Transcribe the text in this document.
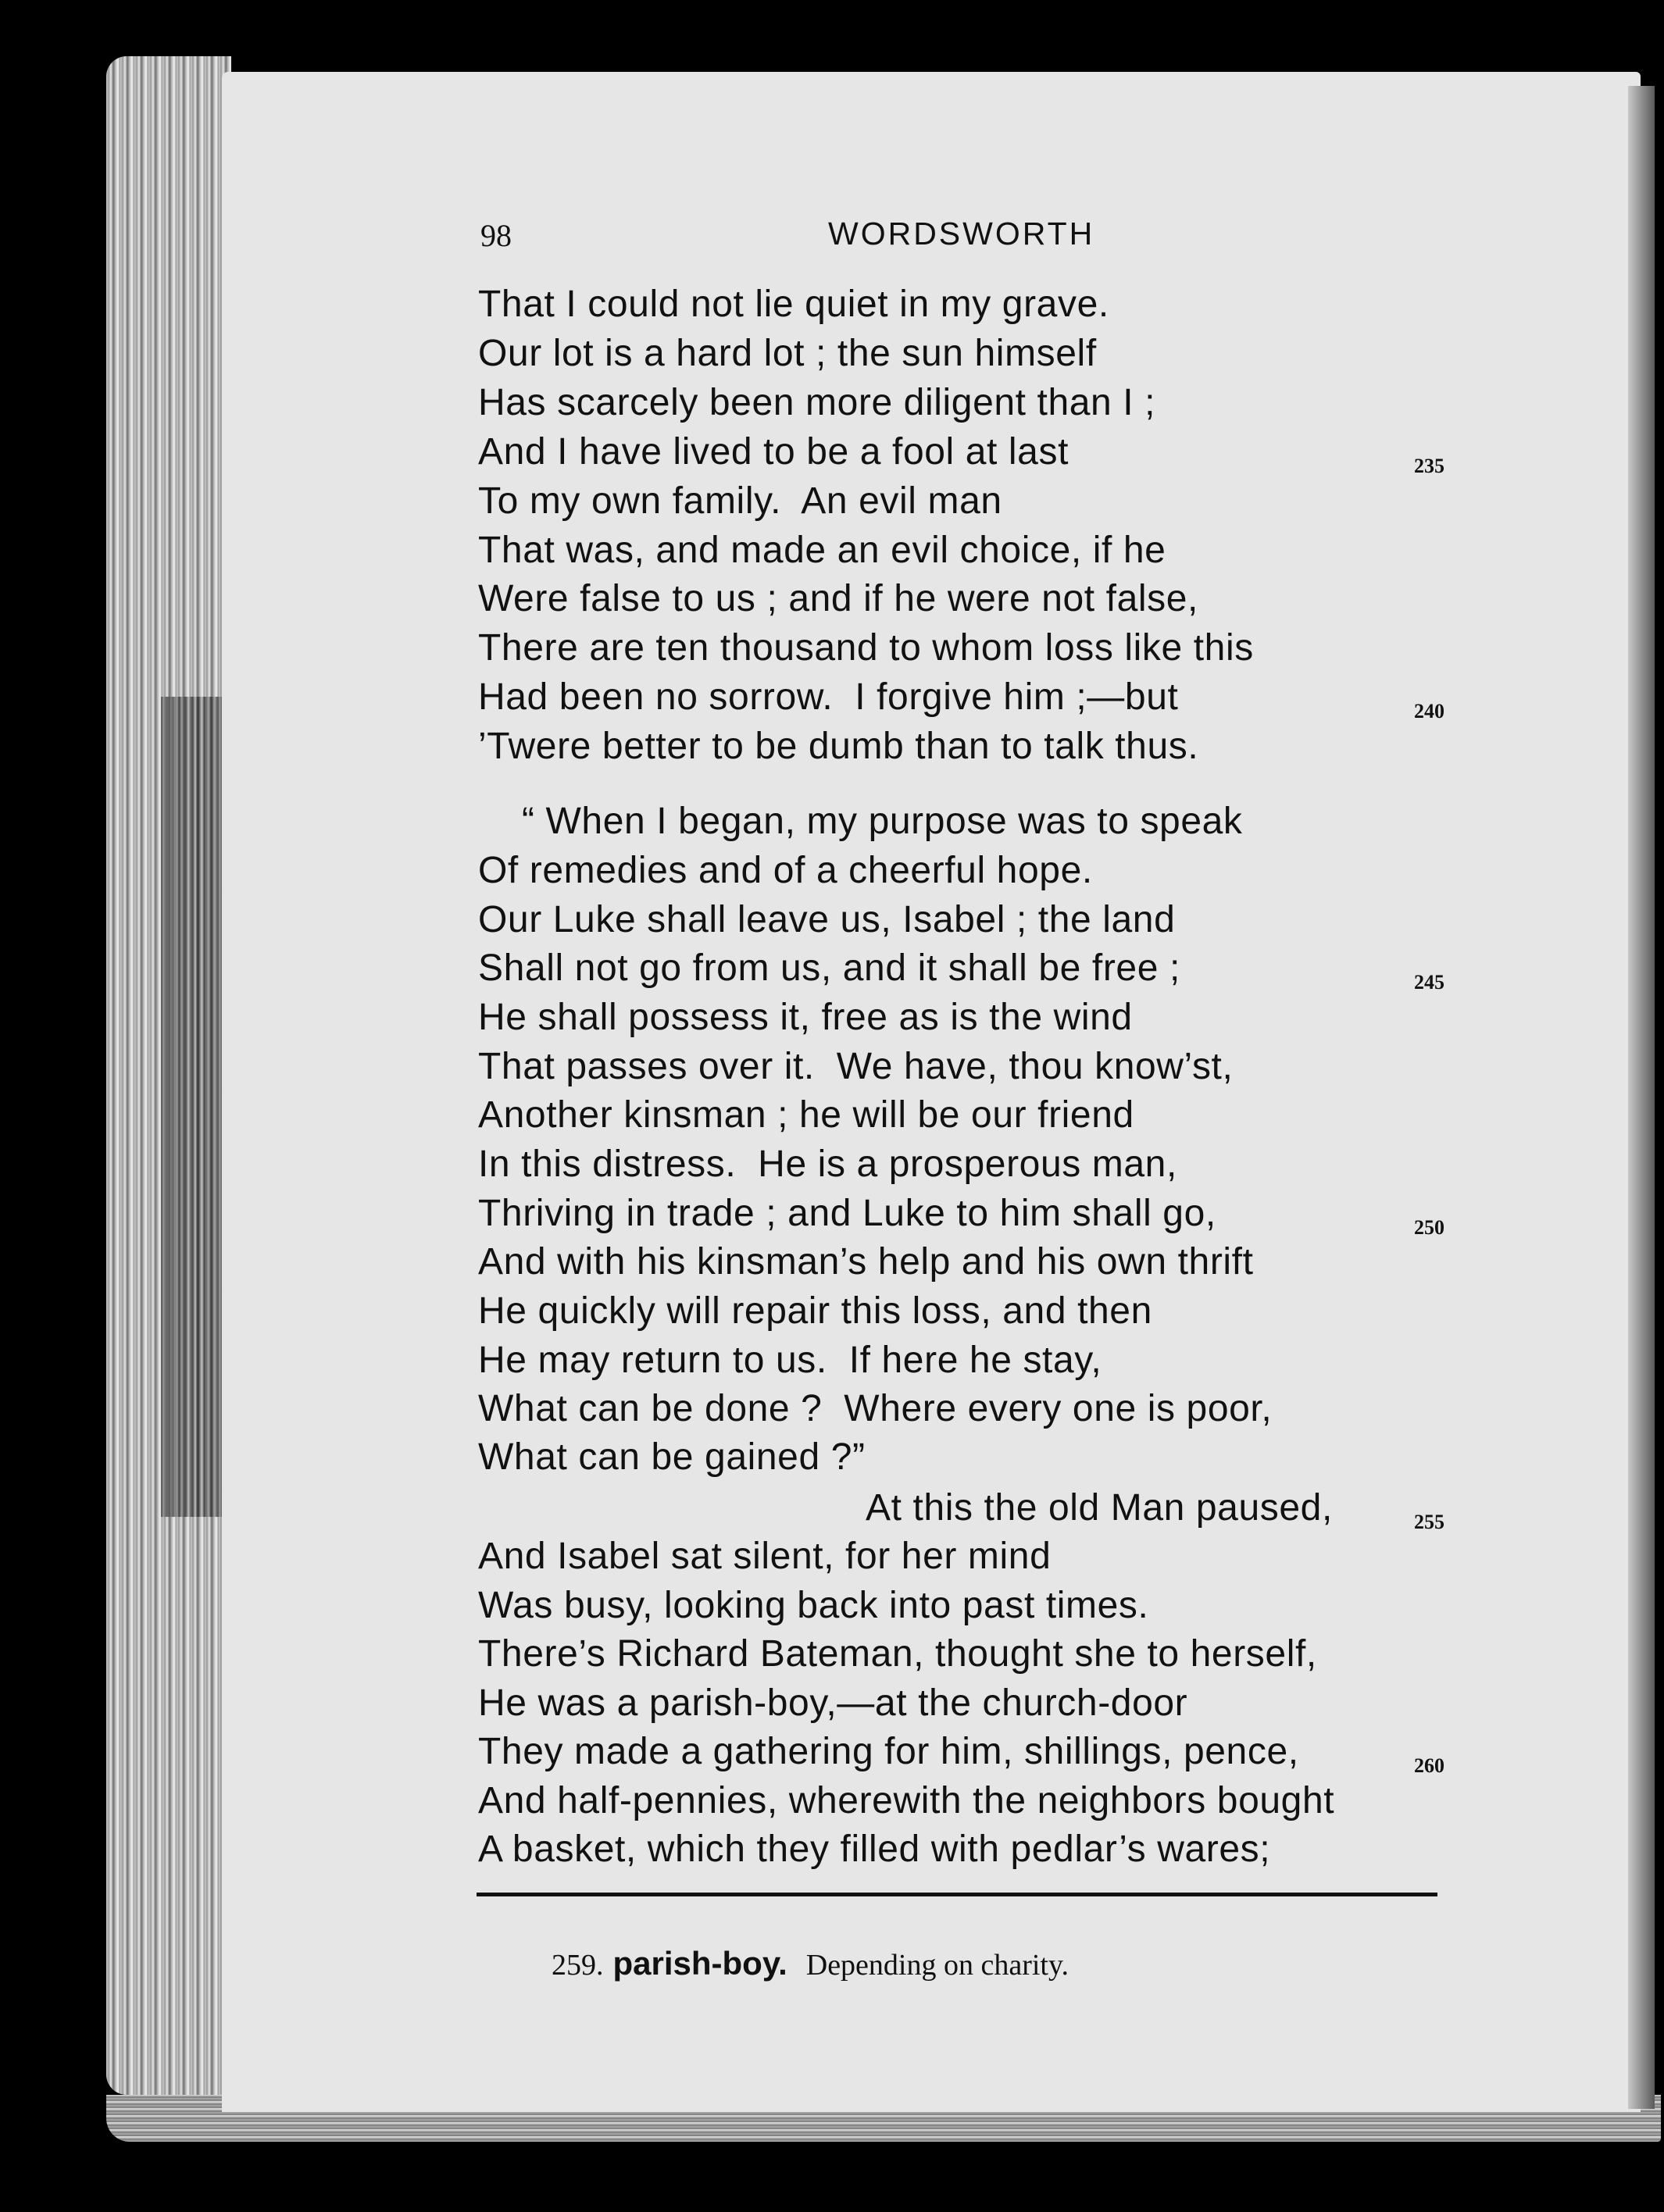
98	WORDSWORTH
That I could not lie quiet in my grave.
Our lot is a hard lot ; the sun himself
Has scarcely been more diligent than I ;
And I have lived to be a fool at last
To my own family.  An evil man
That was, and made an evil choice, if he
Were false to us ; and if he were not false,
There are ten thousand to whom loss like this
Had been no sorrow.  I forgive him ;—but
’Twere better to be dumb than to talk thus.
“ When I began, my purpose was to speak
Of remedies and of a cheerful hope.
Our Luke shall leave us, Isabel ; the land
Shall not go from us, and it shall be free ;
He shall possess it, free as is the wind
That passes over it.  We have, thou know’st,
Another kinsman ; he will be our friend
In this distress.  He is a prosperous man,
Thriving in trade ; and Luke to him shall go,
And with his kinsman’s help and his own thrift
He quickly will repair this loss, and then
He may return to us.  If here he stay,
What can be done ?  Where every one is poor,
What can be gained ?”
At this the old Man paused,
And Isabel sat silent, for her mind
Was busy, looking back into past times.
There’s Richard Bateman, thought she to herself,
He was a parish-boy,—at the church-door
They made a gathering for him, shillings, pence,
And half-pennies, wherewith the neighbors bought
A basket, which they filled with pedlar’s wares;
235
240
245
250
255
260

259. parish-boy. Depending on charity.
